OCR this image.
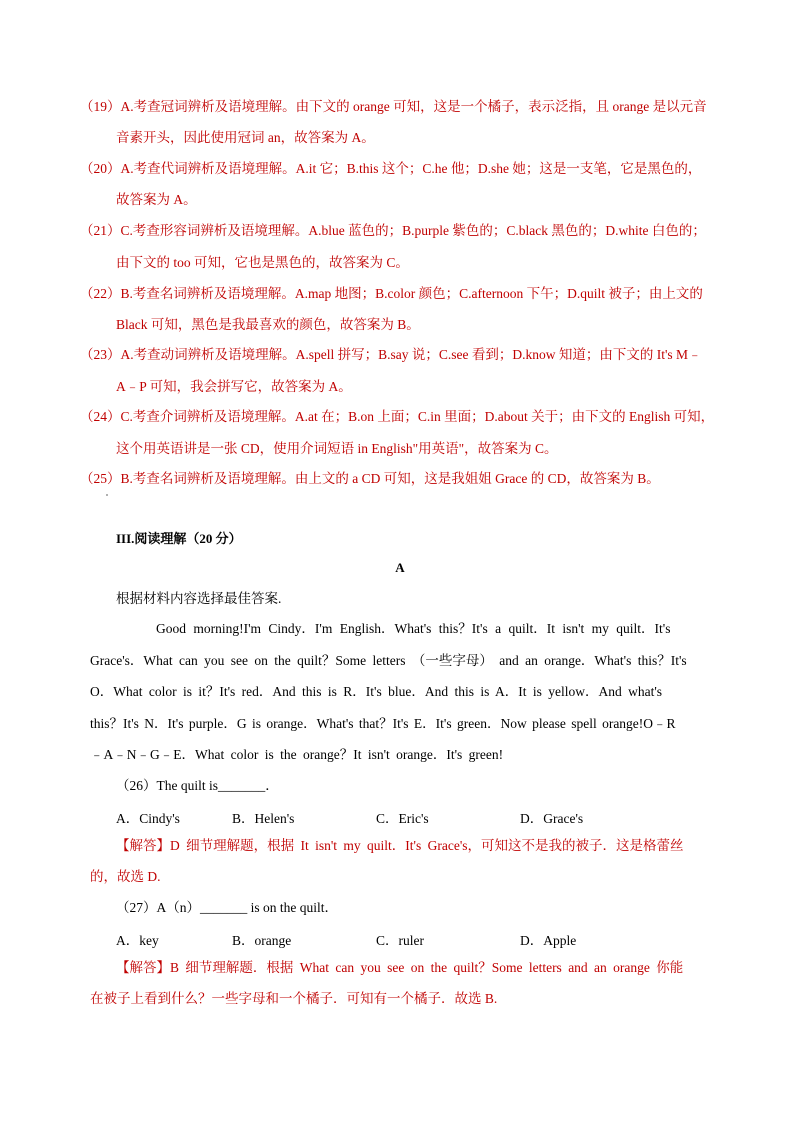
（19）A.考查冠词辨析及语境理解。由下文的 orange 可知，这是一个橘子，表示泛指，且 orange 是以元音
音素开头，因此使用冠词 an，故答案为 A。
（20）A.考查代词辨析及语境理解。A.it 它；B.this 这个；C.he 他；D.she 她；这是一支笔，它是黑色的，
故答案为 A。
（21）C.考查形容词辨析及语境理解。A.blue 蓝色的；B.purple 紫色的；C.black 黑色的；D.white 白色的；
由下文的 too 可知，它也是黑色的，故答案为 C。
（22）B.考查名词辨析及语境理解。A.map 地图；B.color 颜色；C.afternoon 下午；D.quilt 被子；由上文的
Black 可知，黑色是我最喜欢的颜色，故答案为 B。
（23）A.考查动词辨析及语境理解。A.spell 拼写；B.say 说；C.see 看到；D.know 知道；由下文的 It's M﹣
A﹣P 可知，我会拼写它，故答案为 A。
（24）C.考查介词辨析及语境理解。A.at 在；B.on 上面；C.in 里面；D.about 关于；由下文的 English 可知，
这个用英语讲是一张 CD，使用介词短语 in English"用英语"，故答案为 C。
（25）B.考查名词辨析及语境理解。由上文的 a CD 可知，这是我姐姐 Grace 的 CD，故答案为 B。
III.阅读理解（20 分）
A
根据材料内容选择最佳答案.
Good morning!I'm Cindy．I'm English．What's this？It's a quilt．It isn't my quilt．It's
Grace's．What can you see on the quilt？Some letters （一些字母） and an orange．What's this？It's
O．What color is it？It's red．And this is R．It's blue．And this is A．It is yellow．And what's
this？It's N．It's purple．G is orange．What's that？It's E．It's green．Now please spell orange!O﹣R
﹣A﹣N﹣G﹣E．What color is the orange？It isn't orange．It's green!
（26）The quilt is_______．
A．Cindy's	B．Helen's	C．Eric's	D．Grace's
【解答】D 细节理解题，根据 It isn't my quilt．It's Grace's，可知这不是我的被子．这是格蕾丝
的，故选 D.
（27）A（n）_______ is on the quilt．
A．key	B．orange	C．ruler	D．Apple
【解答】B 细节理解题．根据 What can you see on the quilt？Some letters and an orange 你能
在被子上看到什么？一些字母和一个橘子．可知有一个橘子．故选 B.
